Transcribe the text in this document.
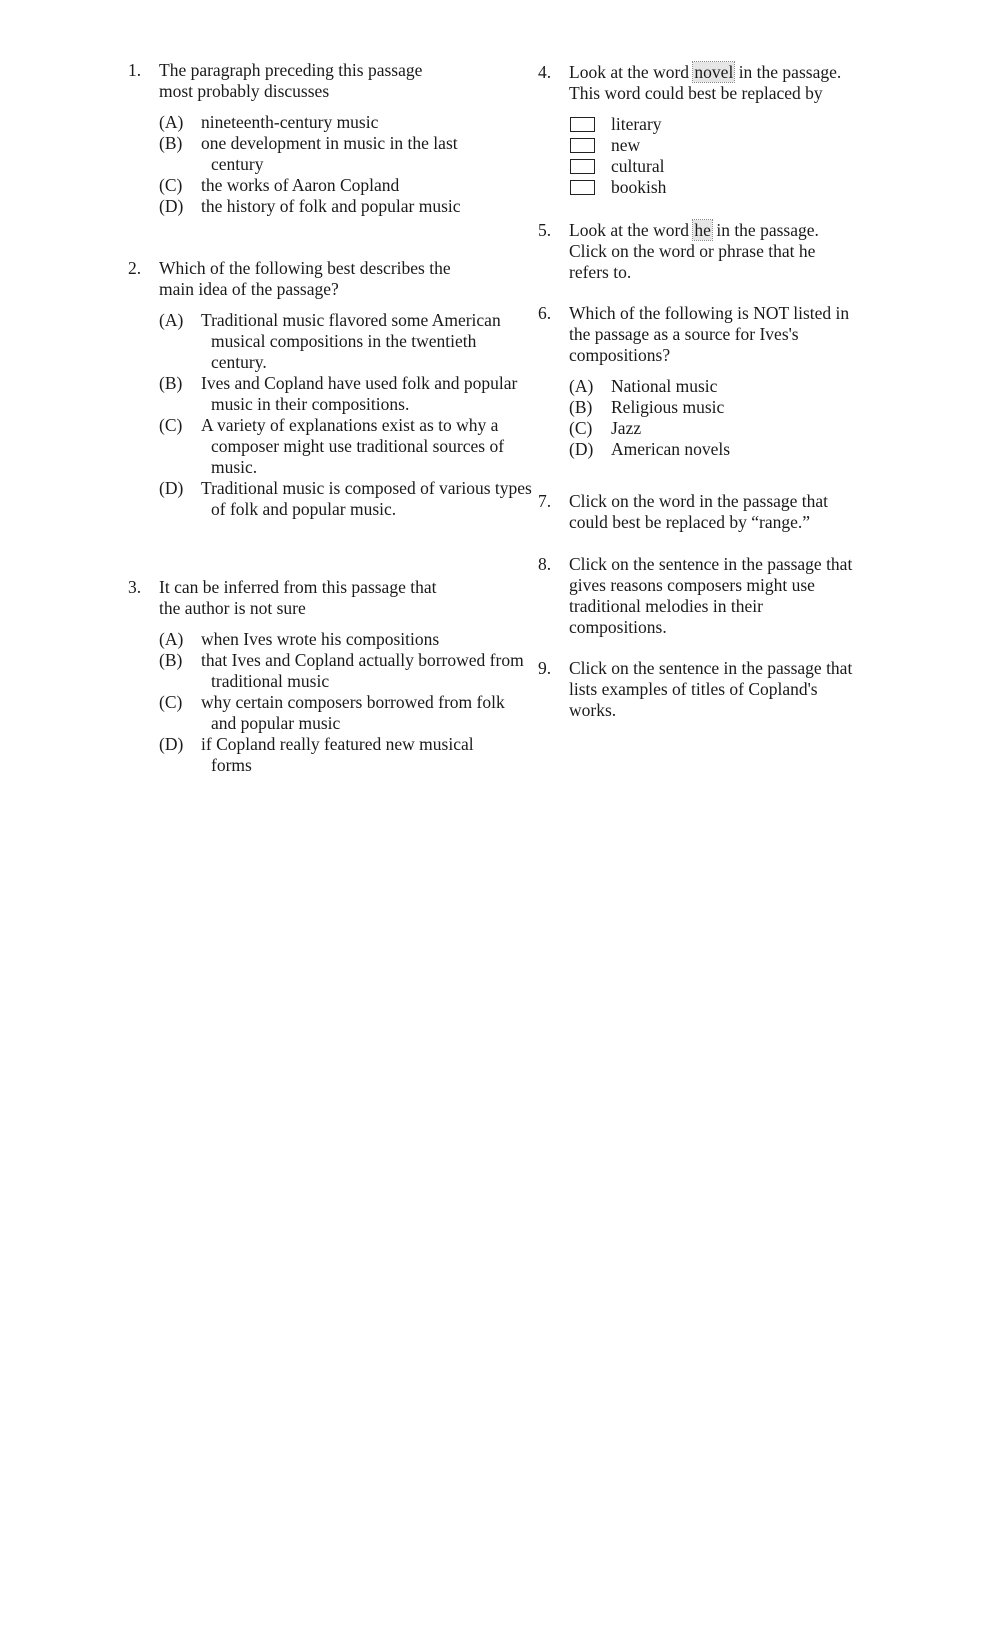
1. The paragraph preceding this passage
most probably discusses
(A)	nineteenth-century music
(B)	one development in music in the last century
(C)	the works of Aaron Copland
(D)	the history of folk and popular music
2. Which of the following best describes the
main idea of the passage?
(A)	Traditional music flavored some American musical compositions in the twentieth century.
(B)	Ives and Copland have used folk and popular music in their compositions.
(C)	A variety of explanations exist as to why a composer might use traditional sources of music.
(D)	Traditional music is composed of various types of folk and popular music.
3. It can be inferred from this passage that
the author is not sure
(A)	when Ives wrote his compositions
(B)	that Ives and Copland actually borrowed from traditional music
(C)	why certain composers borrowed from folk and popular music
(D)	if Copland really featured new musical forms
4. Look at the word novel in the passage.
This word could best be replaced by
literary
new
cultural
bookish
5. Look at the word he in the passage.
Click on the word or phrase that he
refers to.
6. Which of the following is NOT listed in
the passage as a source for Ives's
compositions?
(A)	National music
(B)	Religious music
(C)	Jazz
(D)	American novels
7. Click on the word in the passage that
could best be replaced by “range.”
8. Click on the sentence in the passage that
gives reasons composers might use
traditional melodies in their
compositions.
9. Click on the sentence in the passage that
lists examples of titles of Copland's
works.
